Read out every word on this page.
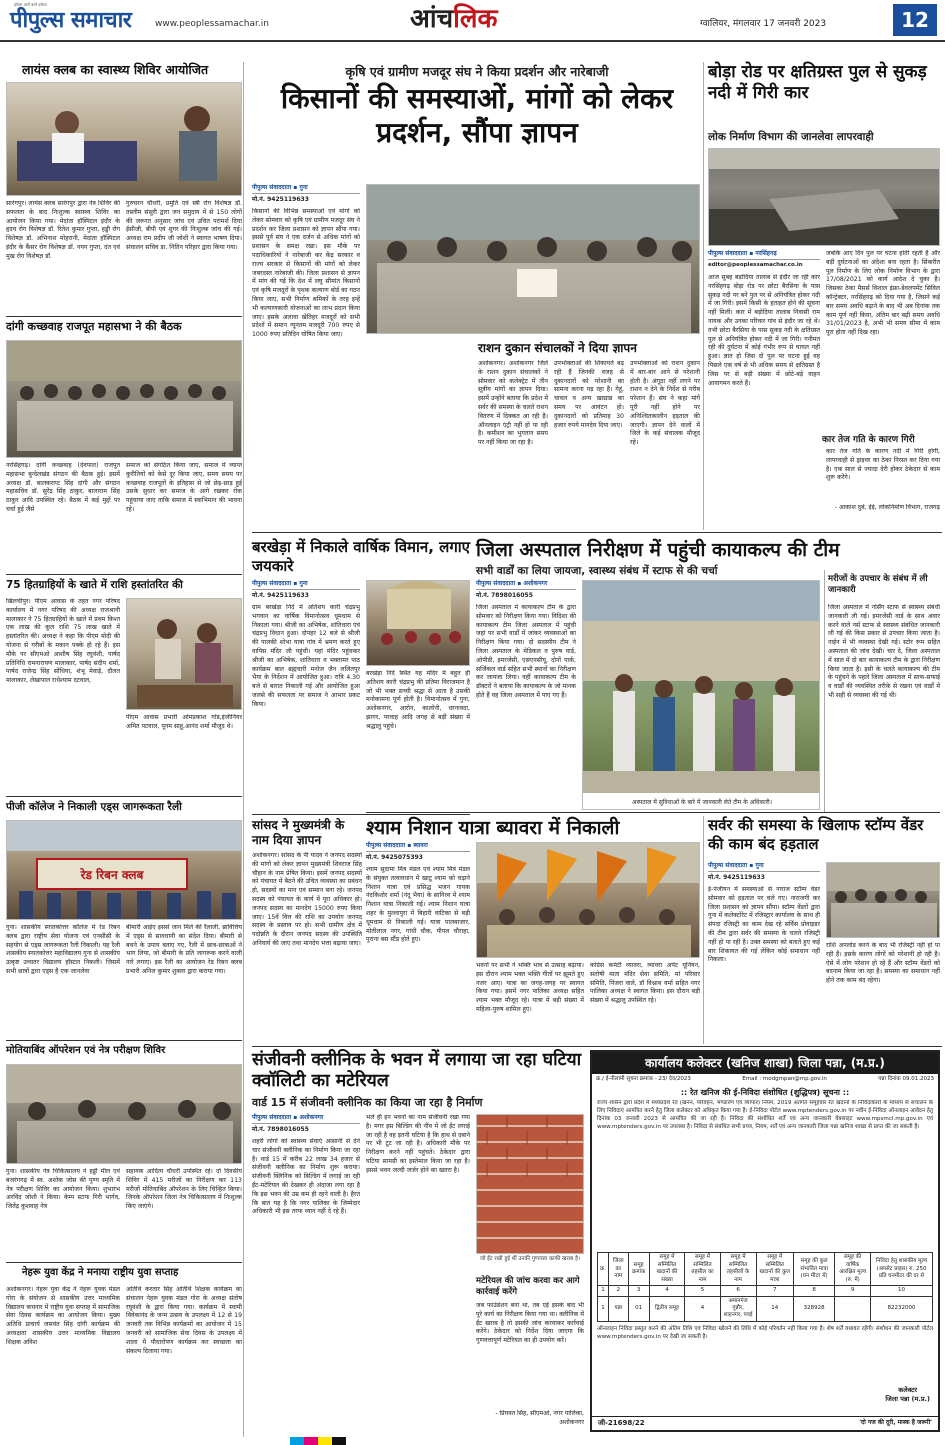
हमेशा आगे वाले हमेशा
पीपुल्स समाचार	www.peoplessamachar.in	आंचलिक	ग्वालियर, मंगलवार 17 जनवरी 2023	12
लायंस क्लब का स्वास्थ्य शिविर आयोजित
सारंगपुर। लायंस क्लब सारंगपुर द्वारा नेत्र शिविर की सफलता के बाद निःशुल्क स्वास्थ्य शिविर का आयोजन किया गया। मेदांता हॉस्पिटल इंदौर के हृदय रोग विशेषज्ञ डॉ. रितेश कुमार गुप्ता, हड्डी रोग विशेषज्ञ डॉ. अभिनाश मोहरानी, मेदांता हॉस्पिटल इंदौर के कैंसर रोग विशेषज्ञ डॉ. नयन गुप्ता, दंत एवं मुख रोग विशेषज्ञ डॉ.
गुरुचरन चौधरी, प्रमुति एवं स्त्री रोग विशेषज्ञ डॉ. तस्लीम संसुरी द्वारा जन समुदाय में से 150 लोगों की जरूरत अनुसार जांच एवं उचित परामर्श दिया ईसीजी, बीपी एवं शुगर की निःशुल्क जांच की गई। अध्यक्ष राम प्रदीप जी जोशी ने स्वागत भाषण दिया। संचालन सचिव डा. नितिन परिहार द्वारा किया गया।
दांगी कच्छवाह राजपूत महासभा ने की बैठक
नरसिंहगढ़। दांगी कच्छवाह (देवपाल) राजपूत महासभा बुन्देलखंड संगठन की बैठक हुई। इसमें अध्यक्ष डॉ. बालकराप्ट सिंह दांगी और संगठन महासचिव डॉ. सुरेंद्र सिंह ठाकुर, बालाराम सिंह ठाकुर आदि उपस्थित रहे। बैठक में कई मुद्दों पर चर्चा हुई जैसे
समाज को संगठित किया जाए, समाज में व्याप्त कुरीतियों को केसे दूर किया जाए, समय समय पर कच्छवाह राजपूतों के इतिहास से जो छेड़-छाड़ हुई उसके सुधार कर समाज के आगे रखकर रोक पहुंचाया जाए ताकि समाज में स्वाभिमान की भावना रहे।
75 हितग्राहियों के खाते में राशि हस्तांतरित की
खिलचीपुर। पीएम आवास के तहत नगर परिषद कार्यालय में नगर परिषद की अध्यक्ष राजश्रानी मालाकार ने 75 हितग्राहियों के खाते में प्रथम किश्त एक लाख की कुल राशि 75 लाख खाते में हस्तांतरित की। अध्यक्ष ने कहा कि पीएम मोदी की योजना से गरीबों के मकान पक्के हो रहे हैं। इस मौके पर सीएमओ आशीष सिंह रघुवंशी, पार्षद प्रतिनिधि रामनारायण मालाकार, पार्षद संदीप शर्मा, पार्षद राजेन्द्र सिंह सोंधिया, शंभू मेवाड़े, दौलत मालाकार, लेखापाल राधेश्याम दटवाल,
पीएम आवास प्रभारी ओमप्रकाश गोड,इंजीनियर अमित पटवाल, पूनम साहू,आनंद शर्मा मौजूद थे।
पीजी कॉलेज ने निकाली एड्स जागरूकता रैली
रेड रिबन क्लब
गुना। शासकीय स्नातकोत्तर कॉलेज में रेड रिबन क्लब द्वारा राष्ट्रीय सेवा योजना एवं एनसीसी के सहयोग से एड्स जागरूकता रैली निकाली। यह रैली शासकीय स्नातकोत्तर महाविद्यालय गुना से शासकीय उत्कृष्ट उच्चतर विद्यालय हॉस्टल निकली। जिसमें सभी छात्रों द्वारा एड्स है एक जानलेवा
बीमारी आईए इससे जान मिले की रैलाली, ब्रावित्तिय में एड्स से सावधानी का संदेश दिया। बीमारी से बचने के उपाय बताए गए, रैली में छात्र-छात्राओं ने भाग लिया, जो बीमारी के प्रति जागरूक करने वाली नारे लगाए। इस रैली का आयोजन रेड रिबन क्लब प्रभारी अनिल कुमार शुक्ला द्वारा कराया गया।
मोतियाबिंद ऑपरेशन एवं नेत्र परीक्षण शिविर
गुना। शासकीय नेत्र चिकित्सालय ने हड्डी मील एवं बजरंगगढ़ में स्व. अशोक जोस की पुण्य स्मृति में नेत्र परीक्षण शिविर का आयोजन किया। शुभारंभ अरविंद जोशी ने किया। केम्प स्टाफ गिरी भार्गव, जितेंद्र कुशवाह नेत्र
सहायक आदित्य चौधरी उपस्थित रहे। दो दिवसीय शिविर में 415 मरीजों का निरीक्षण कर 113 मरीजों मोतियाबिंद ऑपरेशन के लिए चिन्हित किया। जिनके ऑपरेशन जिला नेत्र चिकित्सालय में निःशुल्क किए जाएंगे।
नेहरू युवा केंद्र ने मनाया राष्ट्रीय युवा सप्ताह
अशोकनगर। नेहरू युवा केंद्र ने नेहरू युवक मंडल गोरा के संयोजन से शासकीय उत्तर माध्यमिक विद्यालय कचनार में राष्ट्रीय युवा सप्ताह में सामाजिक सेवा दिवस कार्यक्रम का आयोजन किया। मुख्य अतिथि प्राचार्य जसवंत सिंह दांगी कार्यक्रम की अध्यक्षता शासकीय उत्तर माध्यमिक विद्यालय शिक्षक अविश
अतिथि करतार सिंह अतिथि शिक्षक कार्यक्रम का संचालन नेहरू युवक मंडल गोरा के अध्यक्ष संतोष रघुवंशी के द्वारा किया गया। कार्यक्रम में स्वामी विवेकानंद के जन्म उत्सव के उपलक्ष्य में 12 से 19 जनवरी तक विभिन्न कार्यक्रमों का आयोजन में 15 जनवरी को सामाजिक सेवा दिवस के उपलक्ष्य में शाला में पौधारोपण कार्यक्रम कर स्वच्छता का संकल्प दिलाया गया।
कृषि एवं ग्रामीण मजदूर संघ ने किया प्रदर्शन और नारेबाजी
किसानों की समस्याओं, मांगों को लेकर प्रदर्शन, सौंपा ज्ञापन
पीपुल्स संवाददाता ▪ गुना
मो.नं. 9425119633
किसानों की विभिन्न समस्याओं एवं मांगों को लेकर सोमवार को कृषि एवं ग्रामीण मजदूर संघ ने प्रदर्शन कर जिला प्रशासन को ज्ञापन सौंपा गया। इससे पूर्व संघ ने एक दर्जन से अधिक मांगों को प्रशासन के समक्ष रखा। इस मौके पर पदाधिकारियों ने नारेबाजी कर केंद्र सरकार व राज्य सरकार से किसानों की मांगों को लेकर जबरदस्त नारेबाजी की। जिला प्रशासन से ज्ञापन में मांग की गई कि देश में लघु सीमांत किसानों एवं कृषि मजदूरों के पृथक कल्याण बोर्ड का गठन किया जाए, सभी निर्माण श्रमिकों के तरह इन्हें भी कल्याणकारी योजनाओं का लाभ प्रदान किया जाए। इसके अलावा खेतिहर मजदूरों को सभी प्रदेशों में समान न्यूनतम मजदूरी 700 रुपए से 1000 रुपए प्रतिदिन घोषित किया जाए।
राशन दुकान संचालकों ने दिया ज्ञापन
अशोकनगर। अशोकनगर जिले के राशन दुकान संचालकों ने सोमवार को कलेक्ट्रेट में तीन सूत्रीय मांगों का ज्ञापन दिया। इसमें उन्होंने बताया कि प्रदेश में सर्वर की समस्या के चलते राशन वितरण में दिक्कत आ रही है। ऑनलाइन एंट्री नहीं हो पा रही है। कमीशन का भुगतान समय पर नहीं किया जा रहा है।
उपभोक्ताओं की शिकायतें बढ़ रही हैं जिनकी वजह से दुकानदारों को परेशानी का सामना करना पड़ रहा है। गेहूं, चावल व अन्य खाद्यान्न का समय पर आवंटन हो। दुकानदारों को प्रतिमाह 30 हजार रुपये मानदेय दिया जाए।
उपभोक्ताओं को राशन दुकान में बार-बार आने से परेशानी होती है। अंगूठा नहीं लगने पर राशन न देने के निर्देश से गरीब परेशान हैं। संघ ने कहा मांगें पूरी नहीं होने पर अनिश्चितकालीन हड़ताल की जाएगी। ज्ञापन देने वालों में जिले के कई संचालक मौजूद रहे।
बोड़ा रोड पर क्षतिग्रस्त पुल से सुकड़ नदी में गिरी कार
लोक निर्माण विभाग की जानलेवा लापरवाही
पीपुल्स संवाददाता ▪ नरसिंहगढ़
editor@peoplessamachar.co.in
आज सुबह बड़ोदिया तालाब से इंदौर जा रही कार नरसिंहगढ़ बोड़ा रोड पर छोटा बैरसिया के पास सुकड़ नदी पर बने पुल पर से अनियंत्रित होकर नदी में जा गिरी। इसमें किसी के हताहत होने की सूचना नहीं मिली। कार में बड़ोदिया तालाब निवासी राम नायक और उनका परिवार गांव से इंदौर जा रहे थे। तभी छोटा बैरसिया के पास सुकड़ नदी के क्षतिग्रस्त पुल से अनियंत्रित होकर नदी में जा गिरी। गनीमत रही की दुर्घटना में कोई गंभीर रूप से घायल नहीं हुआ। ज्ञात हो जिस दो पुल पर घटना हुई वह पिछले एक वर्ष से भी अधिक समय से क्षतिग्रस्त है जिस पर से बड़ी संख्या में छोटे-बड़े वाहन आवागमन करते हैं।
जबकि आए दिन पुल पर घटना होती रहती है और बड़ी दुर्घटनाओं का अंदेशा बना रहता है। सिंकरीत पुल निर्माण के लिए लोक निर्माण विभाग के द्वारा 17/08/2021 को कार्य आदेश दे चुका है। जिसका ठेका मैसर्स विशाल इंफ्रा-डेवलपमेंट सिविल कॉन्ट्रेक्टर, नरसिंहगढ़ को दिया गया है, जिसने कई बार समय अवधि बढ़ाने के बाद भी अब दिनांक तक काम पूर्ण नहीं किया, अंतिम बार बढ़ी समय अवधि 31/01/2023 है, अभी भी समय सीमा में काम पूरा होता नहीं दिख रहा।
कार तेज गति के कारण गिरी
कार तेज गति के कारण नदी में गिरी होगी, लापरवाही से ड्राइवर का ठेका निरस्त कर दिया गया है। एक साल से ज्यादा देरी होकर ठेकेदार से काम शुरू करेंगे।
- आकाश दुबे, ईई, लोकनिर्माण विभाग, राजगढ़
बरखेड़ा में निकाले वार्षिक विमान, लगाए जयकारे
पीपुल्स संवाददाता ▪ गुना
मो.नं. 9425119633
ग्राम बरखेड़ा निर्दे में अतिशय कारी चंद्रप्रभु भगवान का वार्षिक विमानोत्सव धूमधाम से निकाला गया। श्रीजी का अभिषेक, शांतिधारा एवं चंद्रप्रभु विधान हुआ। दोपहर 12 बजे से श्रीजी की पालकी शोभा यात्रा गांव में भ्रमण करते हुए वापिस मंदिर जी पहुंची। यहां मंदिर पहुंचकर श्रीजी का अभिषेक, शांतिधारा व भक्तामर पाठ कार्यक्रम बाल ब्रह्मचारी मनोज जैन ललितपुर भैया के निर्देशन में आयोजित हुआ। रात्रि 4.30 बजे से बारात निकाली गई और आयोजित हुआ जलसे की सफलता पर समाज ने आभार प्रकट किया।
बरखेड़ा निर्दे स्थित यह मंदिर में बहुत ही अतिशय कारी चंद्रप्रभु की प्रतिमा विराजमान है जो भी भक्त सच्ची श्रद्धा से आता है उसकी मनोकामना पूर्ण होती है। विमानोत्सव में गुना, अशोकनगर, आरोन, कालोनी, धरनावदा, झागर, परवाह आदि जगह से बड़ी संख्या में श्रद्धालु पहुंचे।
सांसद ने मुख्यमंत्री के नाम दिया ज्ञापन
अशोकनगर। सांसद के पी यादव ने जनपद सदस्यों की मांगों को लेकर ज्ञापन मुख्यमंत्री शिवराज सिंह चौहान के नाम प्रेषित किया। इसमें जनपद सदस्यों को पंचायत में बैठने की उचित व्यवस्था का प्रबंधन हो, सदस्यों का मान एवं सम्मान बना रहे। जनपद सदस्य को पंचायत के कार्य में पूरा अधिकार हो। जनपद सदस्य का मानदेय 15000 रुपए किया जाए। 15वें वित्त की राशि का उपयोग जनपद सदस्य के प्रस्ताव पर हो। सभी ग्रामीण क्षेत्र में पदोन्नति के दौरान जनपद सदस्य की उपस्थिति अनिवार्य की जाए तथा मानदेय भत्ता बढ़ाया जाए।
जिला अस्पताल निरीक्षण में पहुंची कायाकल्प की टीम
सभी वार्डों का लिया जायजा, स्वास्थ्य संबंध में स्टाफ से की चर्चा
पीपुल्स संवाददाता ▪ अशोकनगर
मो.नं. 7898016055
जिला अस्पताल में कायाकल्प टीम के द्वारा सोमवार को निरीक्षण किया गया। विदिशा की कायाकल्प टीम जिला अस्पताल में पहुंची जहां पर सभी वार्डों में जाकर व्यवस्थाओं का निरीक्षण किया गया। दो सदस्यीय टीम ने जिला अस्पताल के मेडिकल व पुरुष वार्ड, ओपीडी, इमरजेंसी, एसएनसीयू, दोनों पार्क, सर्जिकल वार्ड सहित सभी स्थानों का निरीक्षण कर जायजा लिया। वहीं कायाकल्प टीम के डॉक्टरों ने बताया कि कायाकल्प के जो मानक होते हैं वह जिला अस्पताल में पाए गए हैं।
अस्पताल में सुविधाओं के बारे में जानकारी लेते टीम के अधिकारी।
मरीजों के उपचार के संबंध में ली जानकारी
जिला अस्पताल में नर्सिंग स्टाफ से स्वास्थ्य संबंधी जानकारी ली गई। इमरजेंसी वार्ड के साथ अवार करने वाले नर्स स्टाफ से स्वास्थ्य संबंधित जानकारी ली गई की किस प्रकार से उपचार किया जाता है। नाईन में भी व्यवस्था देखी गई। स्टोर रूम सहित अस्पताल की जांच देखी। चार दे, जिला अस्पताल में साल में दो बार कायाकल्प टीम के द्वारा निरीक्षण किया जाता है। इसी के चलते कायाकल्प की टीम के पहुंचने के पहले जिला अस्पताल में साफ-सफाई व वार्डों की व्यवस्थित तरीके से रखना एवं वार्डों में भी सही से व्यवस्था की गई थी।
श्याम निशान यात्रा ब्यावरा में निकाली
पीपुल्स संवाददाता ▪ ब्यावरा
मो.नं. 9425075393
श्याम सुदामा मित्र मंडल एवं श्याम मित्र मंडल के संयुक्त तत्वावधान में खाटू श्याम को चढ़ाने निशान यात्रा एवं प्रसिद्ध भजन गायक नंदकिशोर शर्मा (नंदू भैया) के सानिध्य में श्याम निशान यात्रा निकाली गई। श्याम निशान यात्रा शहर के मुल्लापुरा में बिहारी वाटिका से बड़ी धूमधाम से निकाली गई। यात्रा पालबाजार, मोतीलाल नगर, गांधी चौक, पीपल चौराहा, पुराना बस स्टैंड होते हुए।
भवनों पर सभी ने भक्ति भाव से उत्साह बढ़ाया। इस दौरान श्याम भक्त भक्ति गीतों पर झूमते हुए नजर आए। यात्रा का जगह-जगह पर स्वागत किया गया। इसमें नगर पालिका अध्यक्ष सहित श्याम भक्त मौजूद रहे। यात्रा में बड़ी संख्या में महिला-पुरुष शामिल हुए।
कांग्रेस कमेटी व्यावरा, व्यावरा अपेंट यूनियन, सतोषी माता मंदिर सेवा समिति, मां परिवार समिति, पिंजरा वाले, डॉ विश्नाथ वर्मा सहित नगर पालिका अध्यक्ष ने स्वागत किया। इस दौरान बड़ी संख्या में श्रद्धालु उपस्थित रहे।
सर्वर की समस्या के खिलाफ स्टॉम्प वेंडर की काम बंद हड़ताल
पीपुल्स संवाददाता ▪ गुना
मो.नं. 9425119633
ई-पंजीयन में समस्याओं से नाराज स्टॉम्प वेंडर सोमवार को हड़ताल पर चले गए। नाराजगी कर जिला प्रशासन को ज्ञापन सौंपा। स्टॉम्प वेंडरों द्वारा गुना में कलेक्टोरेट में रजिस्ट्रार कार्यालय के साथ ही संपदा रजिस्ट्री का काम देख रहे सर्विस प्रोवाइडर की टीम द्वारा सर्वर की समस्या के चलते रजिस्ट्री नहीं हो पा रही है। उक्त समस्या को बताते हुए कई बार शिकायत की गई लेकिन कोई समाधान नहीं निकला।
राशि अपलोड करने के बाद भी रजिस्ट्री नहीं हो पा रही है। इसके कारण लोगों को परेशानी हो रही है। ऐसे में लोग परेशान हो रहे हैं और स्टॉम्प वेंडरों को बदनाम किया जा रहा है। समस्या का समाधान नहीं होने तक काम बंद रहेगा।
संजीवनी क्लीनिक के भवन में लगाया जा रहा घटिया क्वॉलिटी का मटेरियल
वार्ड 15 में संजीवनी क्लीनिक का किया जा रहा है निर्माण
पीपुल्स संवाददाता ▪ अशोकनगर
मो.नं. 7898016055
शहरी लोगों को स्वास्थ्य सेवाएं आसानी से देने चार संजीवनी क्लीनिक का निर्माण किया जा रहा है। वार्ड 15 में करीब 22 लाख 34 हजार से संजीवनी क्लीनिक का निर्माण शुरू कराया। संजीवनी क्लिनिक को बिल्डिंग में लगाई जा रही ईंट-मटेरियल की देखकर ही अंदाजा लगा रहा है कि इस भवन की उम्र कम ही रहने वाली है। हैरत कि बात यह है कि नगर पालिका के जिम्मेदार अधिकारी भी इस तरफ ध्यान नहीं दे रहे हैं।
भले ही इन भवनों का नाम संजीवनी रखा गया है। मगर इस बिल्डिंग की नींव में जो ईंट लगाई जा रही है वह इतनी घटिया है कि हाथ से दबाने पर भी टूट जा रही है। अधिकारी मौके पर निरीक्षण करने नहीं पहुंचते। ठेकेदार द्वारा घटिया सामग्री का इस्तेमाल किया जा रहा है। इससे भवन जल्दी जर्जर होने का खतरा है।
जो ईंट रखी हुई थीं उनकी गुणवत्ता काफी खराब है।
मटेरियल की जांच करवा कर आगे कार्रवाई करेंगे
जब फाउंडेशन बना था, तब एई इसके बाद भी पूरे कार्य का निरीक्षण किया गया था। क्लीनिक में ईंट खराब है तो इसकी जांच करवाकर कार्रवाई करेंगे। ठेकेदार को निर्देश दिया जाएगा कि गुणवत्तापूर्ण मटेरियल का ही उपयोग करें।
- प्रियवत सिंह, सीएमओ, नगर पालिका, अशोकनगर
कार्यालय कलेक्टर (खनिज शाखा) जिला पन्ना, (म.प्र.)
क्र./ ई-नीलामी सूचना क्रमांक - 23/ देव/2023	Email : modgmpan@mp.gov.in	पन्ना दिनांक 09.01.2023
:: रेत खनिज की ई-निविदा संशोधित (शुद्धिपत्र) सूचना ::
राज्य शासन द्वारा प्रदेश में मध्यप्रदेश रेत (खनन, परिवहन, भण्डारण एवं व्यापार) नियम, 2019 अंतर्गत समूहवार रेत खदानों के निविदाकारों के माध्यम से संचालन के लिए निविदाएं आमंत्रित करने हेतु जिला कलेक्टर को अधिकृत किया गया है। ई-निविदा पोर्टल www.mptenders.gov.in पर नवीन ई-निविदा ऑनलाइन आवेदन हेतु दिनांक 03 जनवरी 2023 से आमंत्रित की जा रही है। निविदा की संशोधित शर्तें एवं अन्य जानकारी वेबसाइट www.mpsmcl.mp.gov.in एवं www.mptenders.gov.in पर उपलब्ध है। निविदा से संबंधित सभी प्रपत्र, नियम, शर्तें एवं अन्य जानकारी जिला पन्ना खनिज शाखा से प्राप्त की जा सकती है।
क्र.	जिला का नाम	समूह क्रमांक	समूह में सम्मिलित खदानों की संख्या	समूह में सम्मिलित तहसील का नाम	समूह में सम्मिलित तहसीलों के नाम	समूह में सम्मिलित खदानों की कुल मात्रा	समूह की कुल संभावित मात्रा (घन मीटर में)	समूह की वार्षिक आरक्षित मूल्य (रु. में)	निविदा हेतु शासकीय मूल्य (अपसेट प्राइस) रु. 250 प्रति घनमीटर की दर से
1	2	3	4	5	6	7	8	9	10
1	पन्ना	01	द्वितीय समूह	4	अमानगंज गुन्नौर, शाहनगर, पवई	14	328928		82232000
ऑनलाइन निविदा प्रस्तुत करने की अंतिम तिथि एवं निविदा खोलने की तिथि में कोई परिवर्तन नहीं किया गया है। शेष शर्तें यथावत रहेंगी। संशोधन की जानकारी पोर्टल www.mptenders.gov.in पर देखी जा सकती है।
कलेक्टर
जिला पन्ना (म.प्र.)
जी-21698/22	'दो गज की दूरी, मास्क है जरूरी'
